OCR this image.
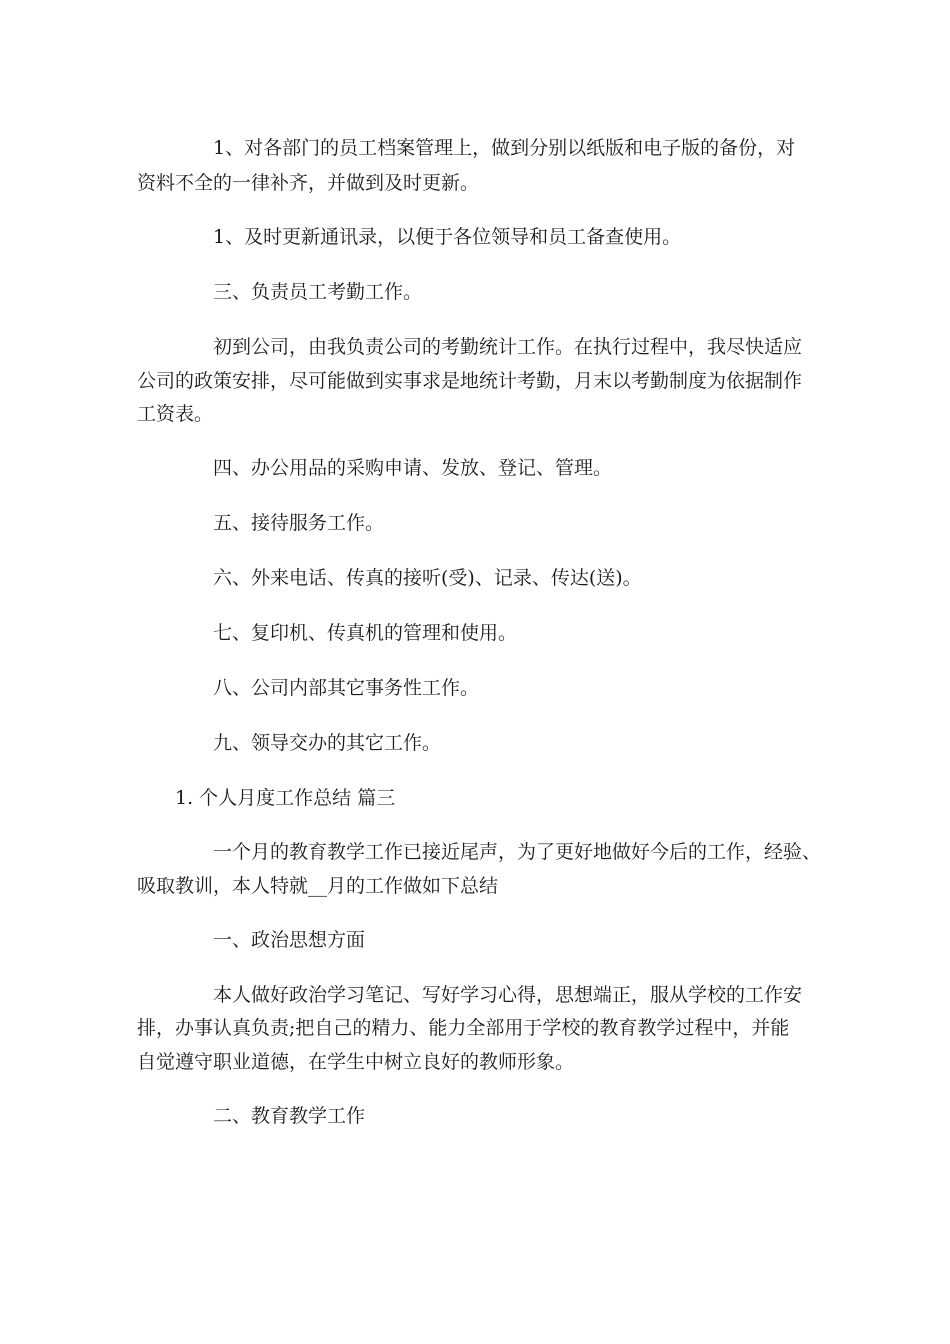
1、对各部门的员工档案管理上，做到分别以纸版和电子版的备份，对

资料不全的一律补齐，并做到及时更新。

1、及时更新通讯录，以便于各位领导和员工备查使用。

三、负责员工考勤工作。

初到公司，由我负责公司的考勤统计工作。在执行过程中，我尽快适应

公司的政策安排，尽可能做到实事求是地统计考勤，月末以考勤制度为依据制作

工资表。

四、办公用品的采购申请、发放、登记、管理。

五、接待服务工作。

六、外来电话、传真的接听(受)、记录、传达(送)。

七、复印机、传真机的管理和使用。

八、公司内部其它事务性工作。

九、领导交办的其它工作。

1. 个人月度工作总结 篇三

一个月的教育教学工作已接近尾声，为了更好地做好今后的工作，经验、

吸取教训，本人特就__月的工作做如下总结

一、政治思想方面

本人做好政治学习笔记、写好学习心得，思想端正，服从学校的工作安

排，办事认真负责;把自己的精力、能力全部用于学校的教育教学过程中，并能

自觉遵守职业道德，在学生中树立良好的教师形象。

二、教育教学工作
